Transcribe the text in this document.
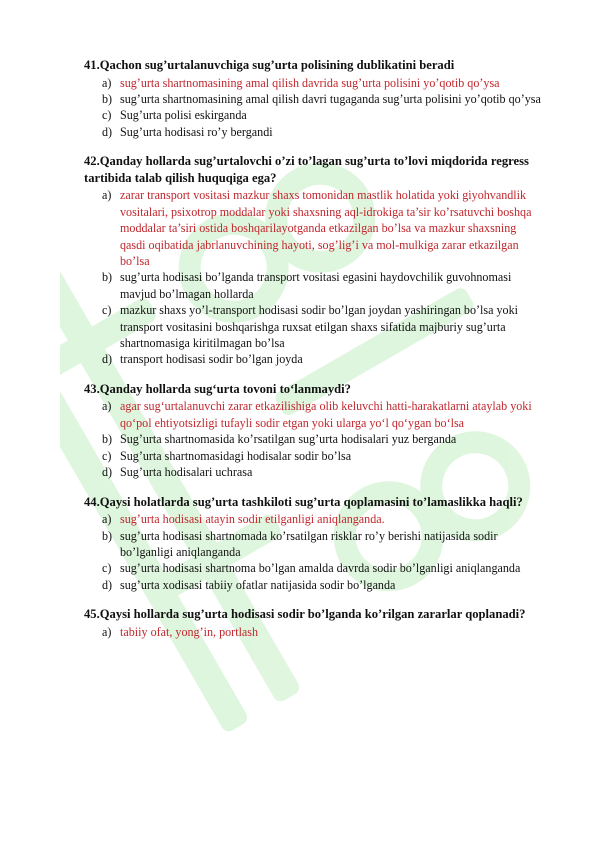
41.Qachon sug’urtalanuvchiga sug’urta polisining dublikatini beradi
a) sug’urta shartnomasining amal qilish davrida sug’urta polisini yo’qotib qo’ysa
b) sug’urta shartnomasining amal qilish davri tugaganda sug’urta polisini yo’qotib qo’ysa
c) Sug’urta polisi eskirganda
d) Sug’urta hodisasi ro’y bergandi
42.Qanday hollarda sug’urtalovchi o’zi to’lagan sug’urta to’lovi miqdorida regress tartibida talab qilish huquqiga ega?
a) zarar transport vositasi mazkur shaxs tomonidan mastlik holatida yoki giyohvandlik vositalari, psixotrop moddalar yoki shaxsning aql-idrokiga ta’sir ko’rsatuvchi boshqa moddalar ta’siri ostida boshqarilayotganda etkazilgan bo’lsa va mazkur shaxsning qasdi oqibatida jabrlanuvchining hayoti, sog’lig’i va mol-mulkiga zarar etkazilgan bo’lsa
b) sug’urta hodisasi bo’lganda transport vositasi egasini haydovchilik guvohnomasi mavjud bo’lmagan hollarda
c) mazkur shaxs yo’l-transport hodisasi sodir bo’lgan joydan yashiringan bo’lsa yoki transport vositasini boshqarishga ruxsat etilgan shaxs sifatida majburiy sug’urta shartnomasiga kiritilmagan bo’lsa
d) transport hodisasi sodir bo’lgan joyda
43.Qanday hollarda sug‘urta tovoni to‘lanmaydi?
a) agar sug‘urtalanuvchi zarar etkazilishiga olib keluvchi hatti-harakatlarni ataylab yoki qo‘pol ehtiyotsizligi tufayli sodir etgan yoki ularga yo‘l qo‘ygan bo‘lsa
b) Sug’urta shartnomasida ko’rsatilgan sug’urta hodisalari yuz berganda
c) Sug’urta shartnomasidagi hodisalar sodir bo’lsa
d) Sug’urta hodisalari uchrasa
44.Qaysi holatlarda sug’urta tashkiloti sug’urta qoplamasini to’lamaslikka haqli?
a) sug’urta hodisasi atayin sodir etilganligi aniqlanganda.
b) sug’urta hodisasi shartnomada ko’rsatilgan risklar ro’y berishi natijasida sodir bo’lganligi aniqlanganda
c) sug’urta hodisasi shartnoma bo’lgan amalda davrda sodir bo’lganligi aniqlanganda
d) sug’urta xodisasi tabiiy ofatlar natijasida sodir bo’lganda
45.Qaysi hollarda sug’urta hodisasi sodir bo’lganda ko’rilgan zararlar qoplanadi?
a) tabiiy ofat, yong’in, portlash
